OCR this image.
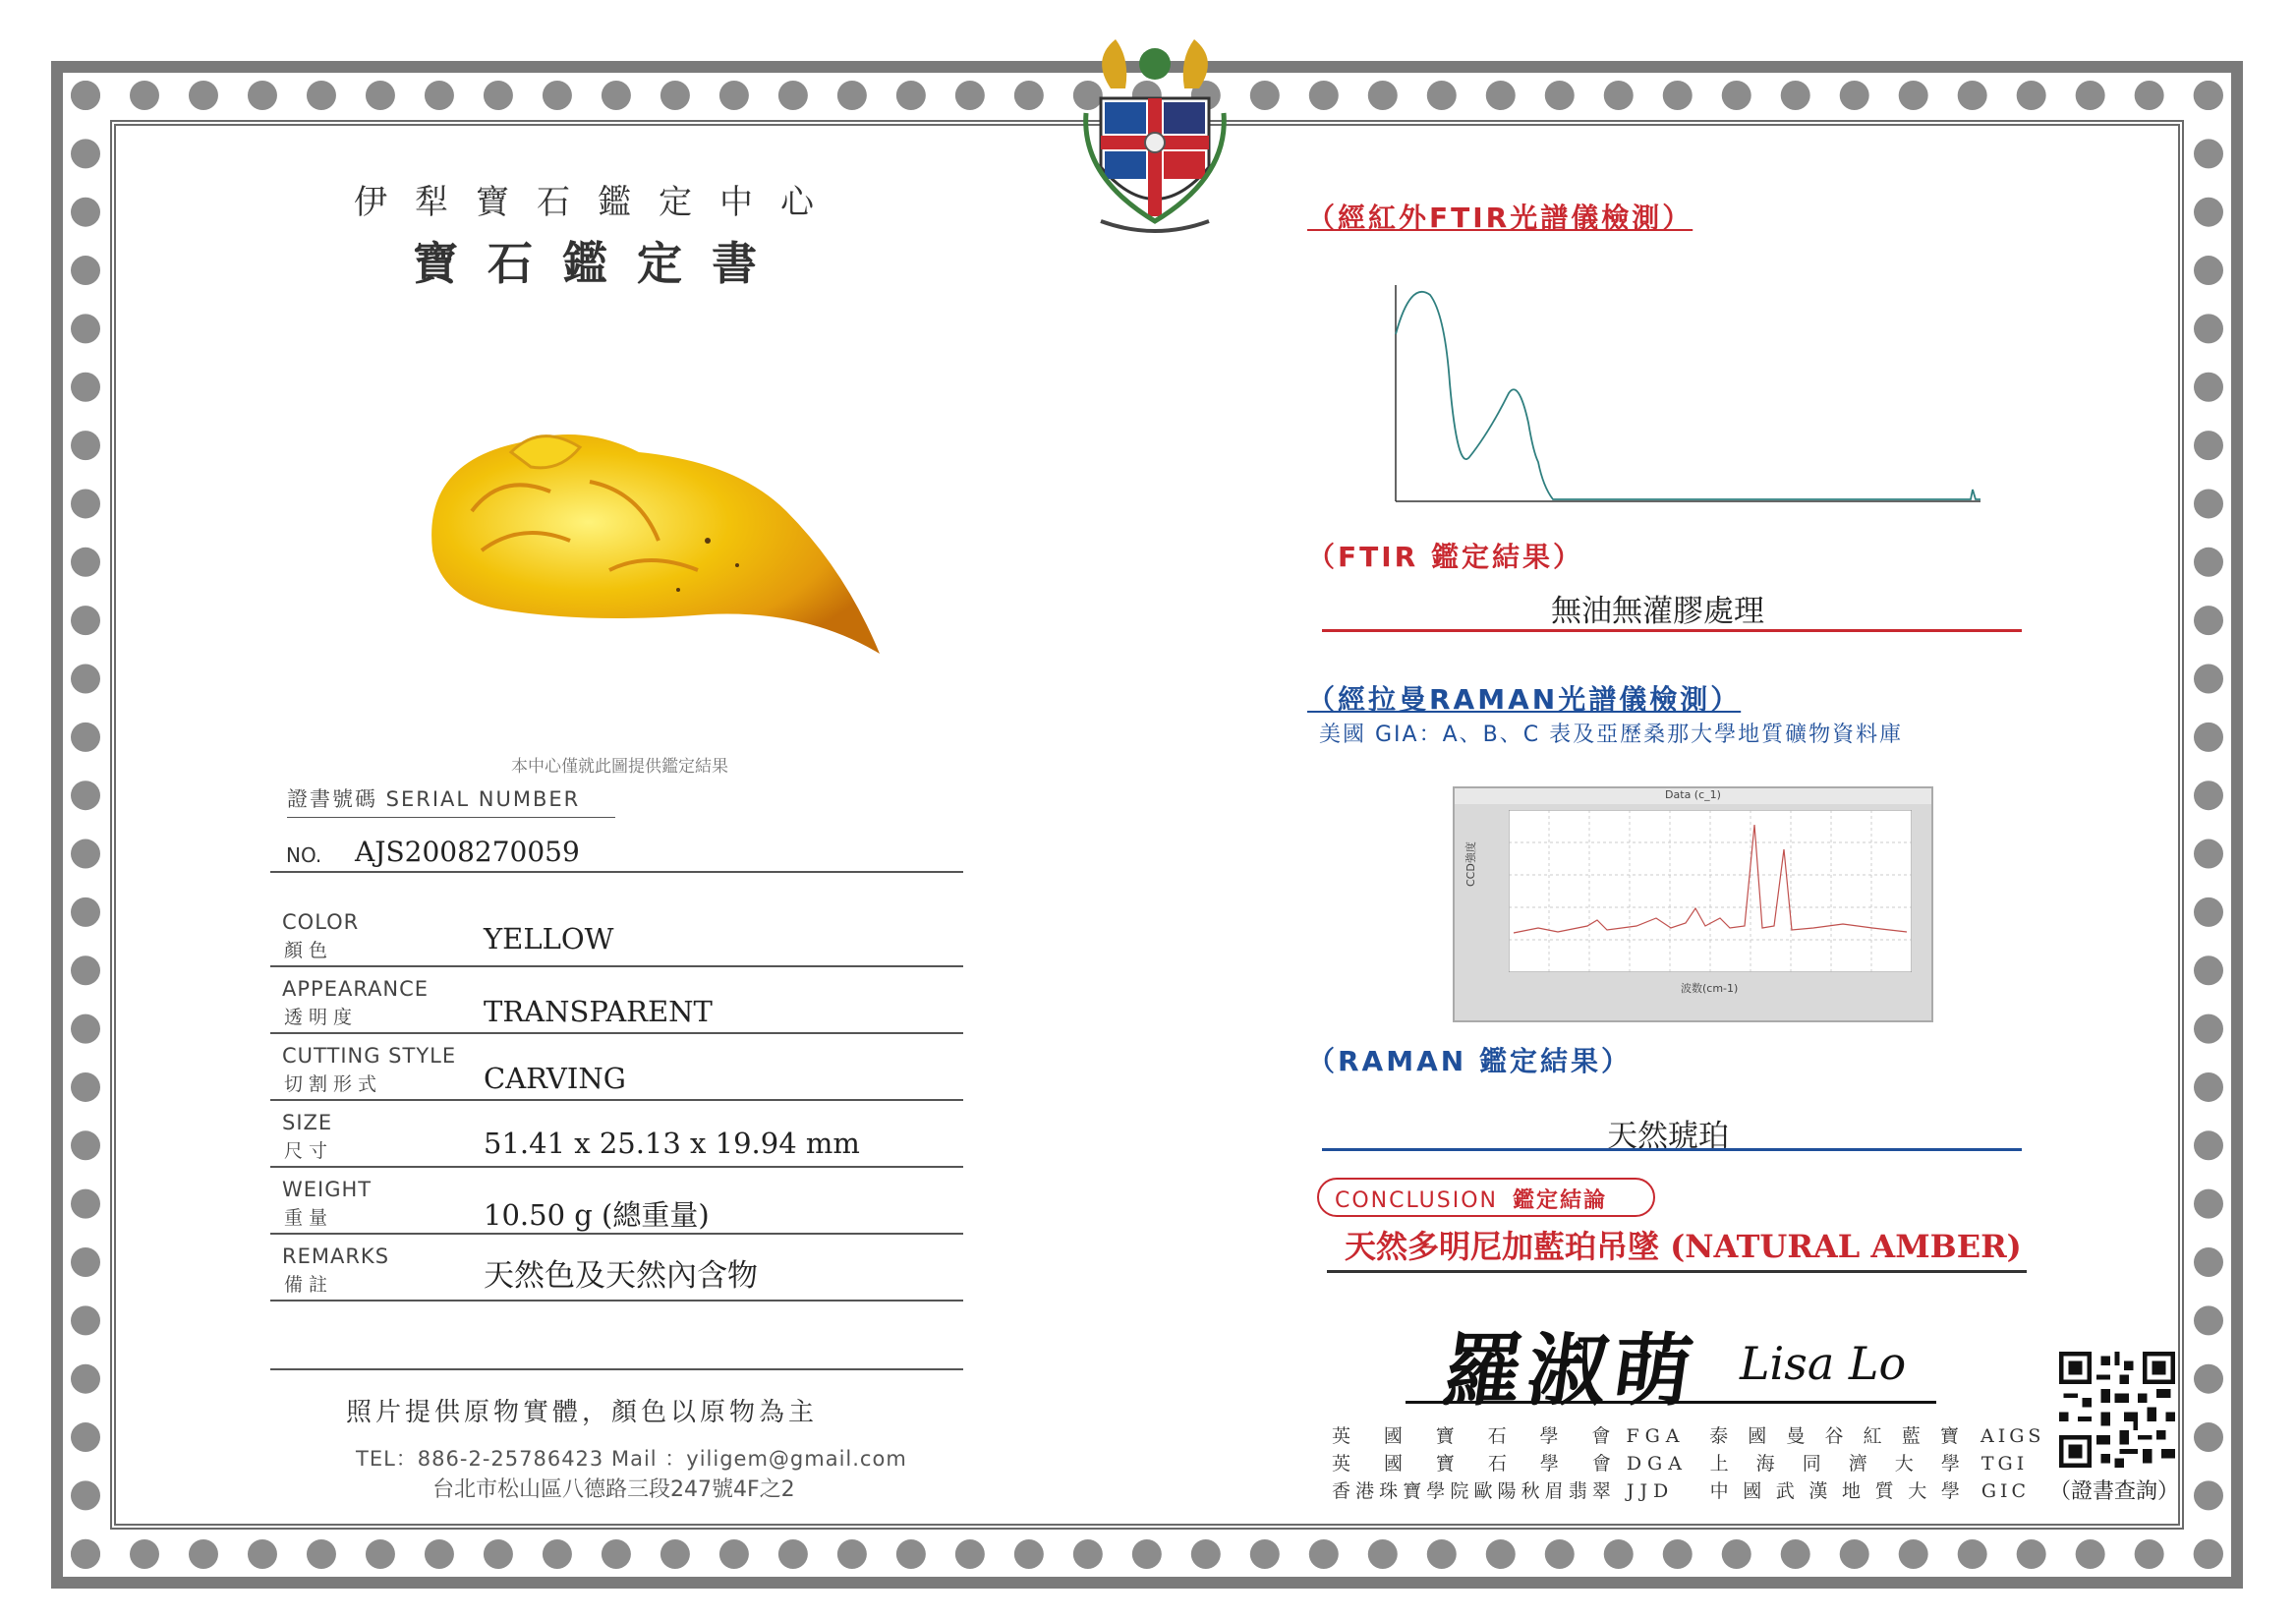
伊犁寶石鑑定中心
寶石鑑定書
本中心僅就此圖提供鑑定結果
證書號碼 SERIAL NUMBER
NO. AJS2008270059
COLOR
顏色	YELLOW
APPEARANCE
透明度	TRANSPARENT
CUTTING STYLE
切割形式	CARVING
SIZE
尺寸	51.41 x 25.13 x 19.94 mm
WEIGHT
重量	10.50 g (總重量)
REMARKS
備註	天然色及天然內含物
照片提供原物實體，顏色以原物為主
TEL：886-2-25786423 Mail ：yiligem@gmail.com
台北市松山區八德路三段247號4F之2
（經紅外FTIR光譜儀檢測）
（FTIR 鑑定結果）
無油無灌膠處理
（經拉曼RAMAN光譜儀檢測）
美國 GIA：A、B、C 表及亞歷桑那大學地質礦物資料庫
Data (c_1)
CCD強度
波数(cm-1)
（RAMAN 鑑定結果）
天然琥珀
CONCLUSION 鑑定結論
天然多明尼加藍珀吊墜 (NATURAL AMBER)
羅淑萌 Lisa Lo
英國寶石學會 FGA	泰國曼谷紅藍寶 AIGS
英國寶石學會 DGA	上海同濟大學 TGI
香港珠寶學院歐陽秋眉翡翠 JJD	中國武漢地質大學 GIC （證書查詢）
